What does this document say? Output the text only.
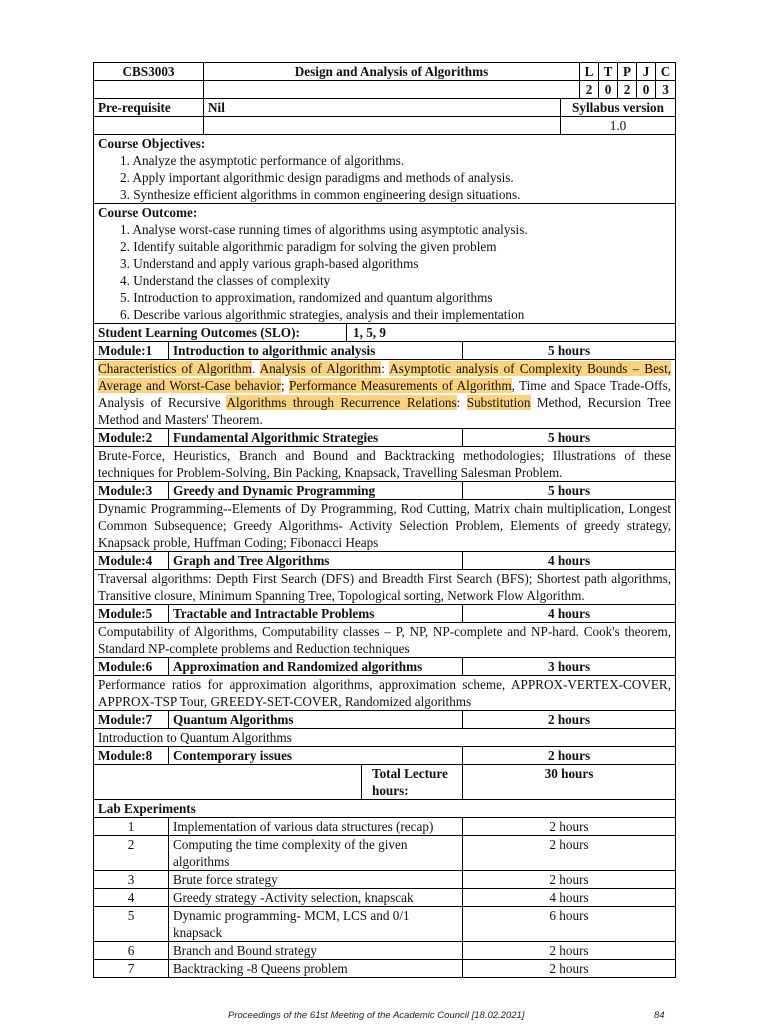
CBS3003	Design and Analysis of Algorithms	L	T	P	J	C
		2	0	2	0	3
Pre-requisite	Nil	Syllabus version
		1.0

Course Objectives:
1. Analyze the asymptotic performance of algorithms.
2. Apply important algorithmic design paradigms and methods of analysis.
3. Synthesize efficient algorithms in common engineering design situations.

Course Outcome:
1. Analyse worst-case running times of algorithms using asymptotic analysis.
2. Identify suitable algorithmic paradigm for solving the given problem
3. Understand and apply various graph-based algorithms
4. Understand the classes of complexity
5. Introduction to approximation, randomized and quantum algorithms
6. Describe various algorithmic strategies, analysis and their implementation

Student Learning Outcomes (SLO):	1, 5, 9

Module:1	Introduction to algorithmic analysis	5 hours
Characteristics of Algorithm. Analysis of Algorithm: Asymptotic analysis of Complexity Bounds – Best, Average and Worst-Case behavior; Performance Measurements of Algorithm, Time and Space Trade-Offs, Analysis of Recursive Algorithms through Recurrence Relations: Substitution Method, Recursion Tree Method and Masters' Theorem.
Module:2	Fundamental Algorithmic Strategies	5 hours
Brute-Force, Heuristics, Branch and Bound and Backtracking methodologies; Illustrations of these techniques for Problem-Solving, Bin Packing, Knapsack, Travelling Salesman Problem.
Module:3	Greedy and Dynamic Programming	5 hours
Dynamic Programming--Elements of Dy Programming, Rod Cutting, Matrix chain multiplication, Longest Common Subsequence; Greedy Algorithms- Activity Selection Problem, Elements of greedy strategy, Knapsack proble, Huffman Coding; Fibonacci Heaps
Module:4	Graph and Tree Algorithms	4 hours
Traversal algorithms: Depth First Search (DFS) and Breadth First Search (BFS); Shortest path algorithms, Transitive closure, Minimum Spanning Tree, Topological sorting, Network Flow Algorithm.
Module:5	Tractable and Intractable Problems	4 hours
Computability of Algorithms, Computability classes – P, NP, NP-complete and NP-hard. Cook's theorem, Standard NP-complete problems and Reduction techniques
Module:6	Approximation and Randomized algorithms	3 hours
Performance ratios for approximation algorithms, approximation scheme, APPROX-VERTEX-COVER, APPROX-TSP Tour, GREEDY-SET-COVER, Randomized algorithms
Module:7	Quantum Algorithms	2 hours
Introduction to Quantum Algorithms
Module:8	Contemporary issues	2 hours
	Total Lecture hours:	30 hours
Lab Experiments
1	Implementation of various data structures (recap)	2 hours
2	Computing the time complexity of the given algorithms	2 hours
3	Brute force strategy	2 hours
4	Greedy strategy -Activity selection, knapscak	4 hours
5	Dynamic programming- MCM, LCS and 0/1 knapsack	6 hours
6	Branch and Bound strategy	2 hours
7	Backtracking -8 Queens problem	2 hours
Proceedings of the 61st Meeting of the Academic Council [18.02.2021]	84
